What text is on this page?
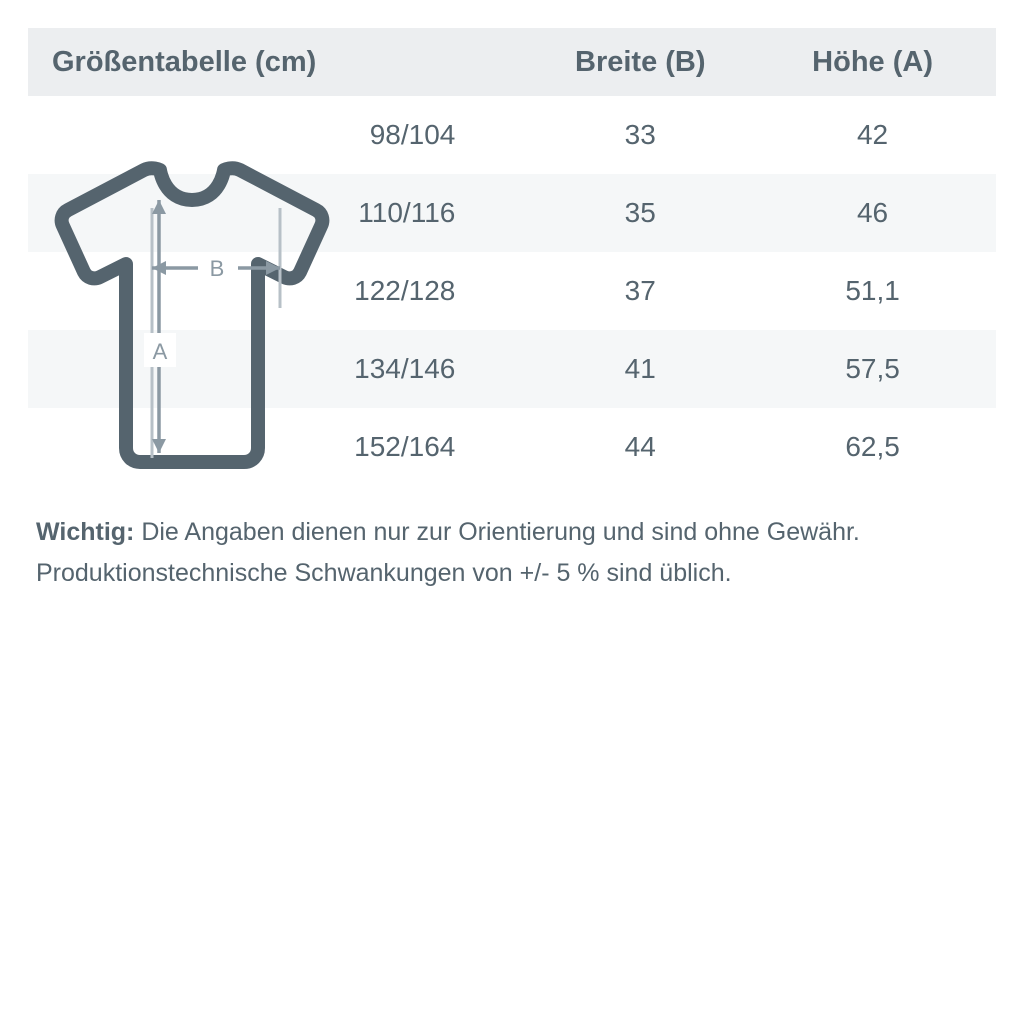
Größentabelle (cm)	Breite (B)	Höhe (A)
98/104	33	42
110/116	35	46
122/128	37	51,1
134/146	41	57,5
152/164	44	62,5
B
A
Wichtig: Die Angaben dienen nur zur Orientierung und sind ohne Gewähr.
Produktionstechnische Schwankungen von +/- 5 % sind üblich.
